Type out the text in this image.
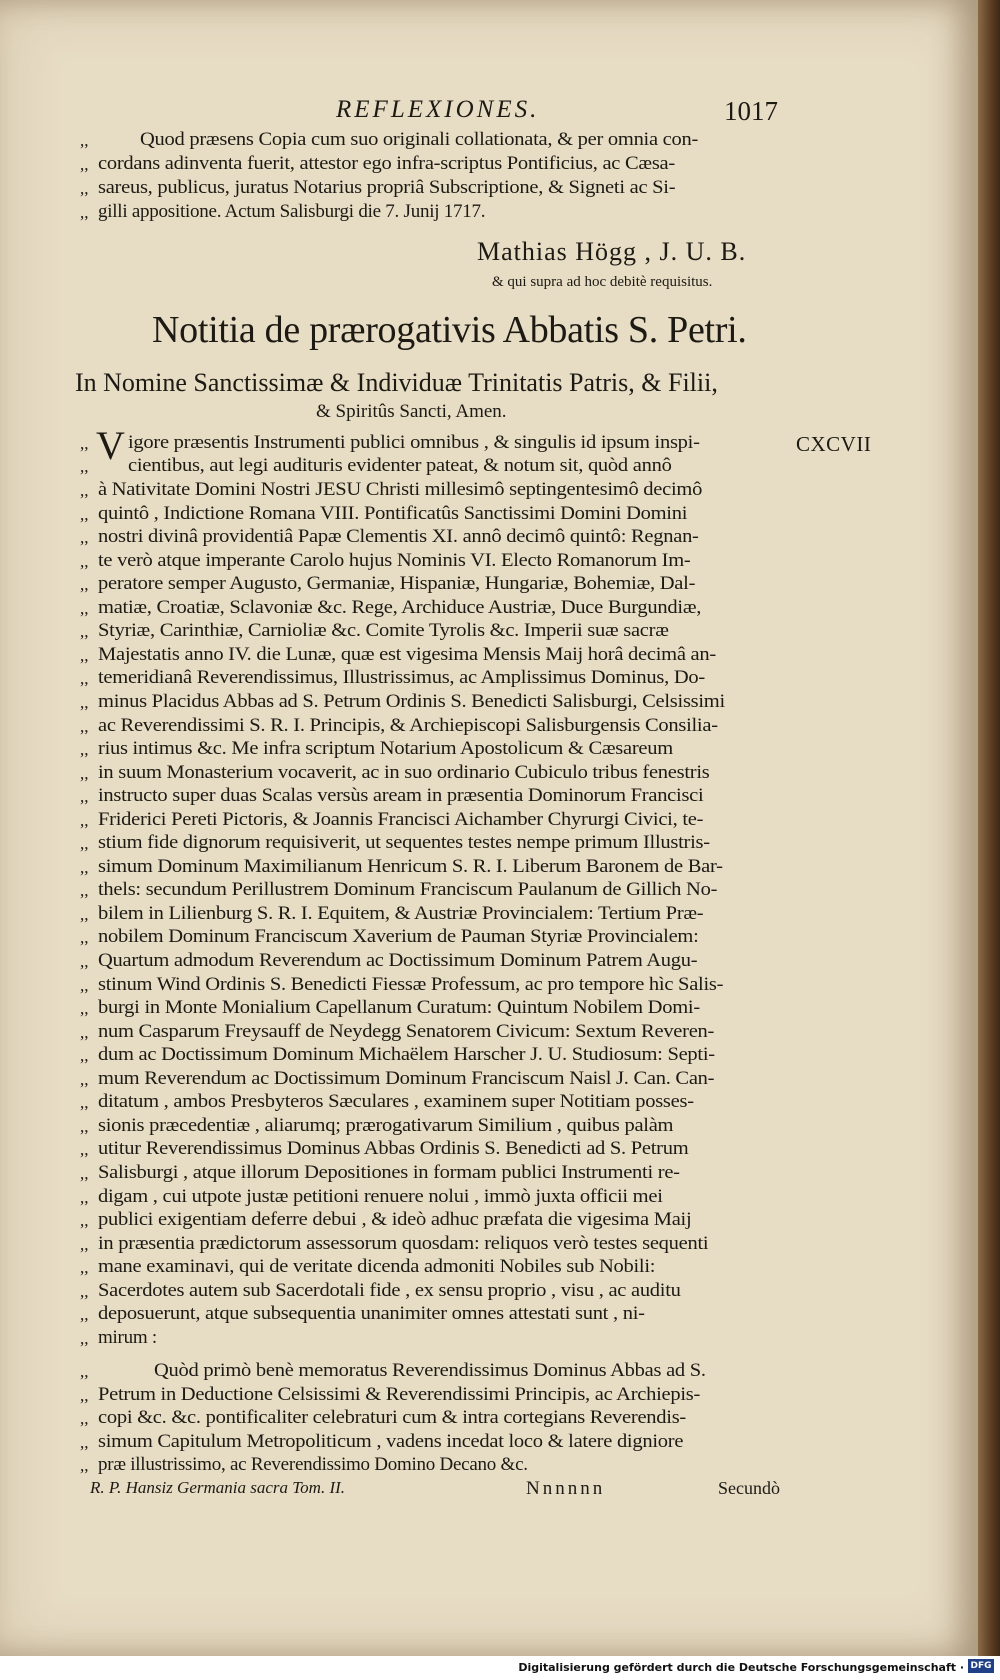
REFLEXIONES.	1017
,,	Quod præsens Copia cum suo originali collationata, & per omnia con-
,, cordans adinventa fuerit, attestor ego infra-scriptus Pontificius, ac Cæsa-
,, sareus, publicus, juratus Notarius propriâ Subscriptione, & Signeti ac Si-
,, gilli appositione. Actum Salisburgi die 7. Junij 1717.
Mathias Högg , J. U. B.
& qui supra ad hoc debitè requisitus.
Notitia de prærogativis Abbatis S. Petri.
In Nomine Sanctissimæ & Individuæ Trinitatis Patris, & Filii,
& Spiritûs Sancti, Amen.
CXCVII
V
,, igore præsentis Instrumenti publici omnibus , & singulis id ipsum inspi-
,, cientibus, aut legi audituris evidenter pateat, & notum sit, quòd annô
,, à Nativitate Domini Nostri JESU Christi millesimô septingentesimô decimô
,, quintô , Indictione Romana VIII. Pontificatûs Sanctissimi Domini Domini
,, nostri divinâ providentiâ Papæ Clementis XI. annô decimô quintô: Regnan-
,, te verò atque imperante Carolo hujus Nominis VI. Electo Romanorum Im-
,, peratore semper Augusto, Germaniæ, Hispaniæ, Hungariæ, Bohemiæ, Dal-
,, matiæ, Croatiæ, Sclavoniæ &c. Rege, Archiduce Austriæ, Duce Burgundiæ,
,, Styriæ, Carinthiæ, Carnioliæ &c. Comite Tyrolis &c. Imperii suæ sacræ
,, Majestatis anno IV. die Lunæ, quæ est vigesima Mensis Maij horâ decimâ an-
,, temeridianâ Reverendissimus, Illustrissimus, ac Amplissimus Dominus, Do-
,, minus Placidus Abbas ad S. Petrum Ordinis S. Benedicti Salisburgi, Celsissimi
,, ac Reverendissimi S. R. I. Principis, & Archiepiscopi Salisburgensis Consilia-
,, rius intimus &c. Me infra scriptum Notarium Apostolicum & Cæsareum
,, in suum Monasterium vocaverit, ac in suo ordinario Cubiculo tribus fenestris
,, instructo super duas Scalas versùs aream in præsentia Dominorum Francisci
,, Friderici Pereti Pictoris, & Joannis Francisci Aichamber Chyrurgi Civici, te-
,, stium fide dignorum requisiverit, ut sequentes testes nempe primum Illustris-
,, simum Dominum Maximilianum Henricum S. R. I. Liberum Baronem de Bar-
,, thels: secundum Perillustrem Dominum Franciscum Paulanum de Gillich No-
,, bilem in Lilienburg S. R. I. Equitem, & Austriæ Provincialem: Tertium Præ-
,, nobilem Dominum Franciscum Xaverium de Pauman Styriæ Provincialem:
,, Quartum admodum Reverendum ac Doctissimum Dominum Patrem Augu-
,, stinum Wind Ordinis S. Benedicti Fiessæ Professum, ac pro tempore hìc Salis-
,, burgi in Monte Monialium Capellanum Curatum: Quintum Nobilem Domi-
,, num Casparum Freysauff de Neydegg Senatorem Civicum: Sextum Reveren-
,, dum ac Doctissimum Dominum Michaëlem Harscher J. U. Studiosum: Septi-
,, mum Reverendum ac Doctissimum Dominum Franciscum Naisl J. Can. Can-
,, ditatum , ambos Presbyteros Sæculares , examinem super Notitiam posses-
,, sionis præcedentiæ , aliarumq; prærogativarum Similium , quibus palàm
,, utitur Reverendissimus Dominus Abbas Ordinis S. Benedicti ad S. Petrum
,, Salisburgi , atque illorum Depositiones in formam publici Instrumenti re-
,, digam , cui utpote justæ petitioni renuere nolui , immò juxta officii mei
,, publici exigentiam deferre debui , & ideò adhuc præfata die vigesima Maij
,, in præsentia prædictorum assessorum quosdam: reliquos verò testes sequenti
,, mane examinavi, qui de veritate dicenda admoniti Nobiles sub Nobili:
,, Sacerdotes autem sub Sacerdotali fide , ex sensu proprio , visu , ac auditu
,, deposuerunt, atque subsequentia unanimiter omnes attestati sunt , ni-
,, mirum :
,,	Quòd primò benè memoratus Reverendissimus Dominus Abbas ad S.
,, Petrum in Deductione Celsissimi & Reverendissimi Principis, ac Archiepis-
,, copi &c. &c. pontificaliter celebraturi cum & intra cortegians Reverendis-
,, simum Capitulum Metropoliticum , vadens incedat loco & latere digniore
,, præ illustrissimo, ac Reverendissimo Domino Decano &c.
R. P. Hansiz Germania sacra Tom. II.	Nnnnnn	Secundò
Digitalisierung gefördert durch die Deutsche Forschungsgemeinschaft · DFG
